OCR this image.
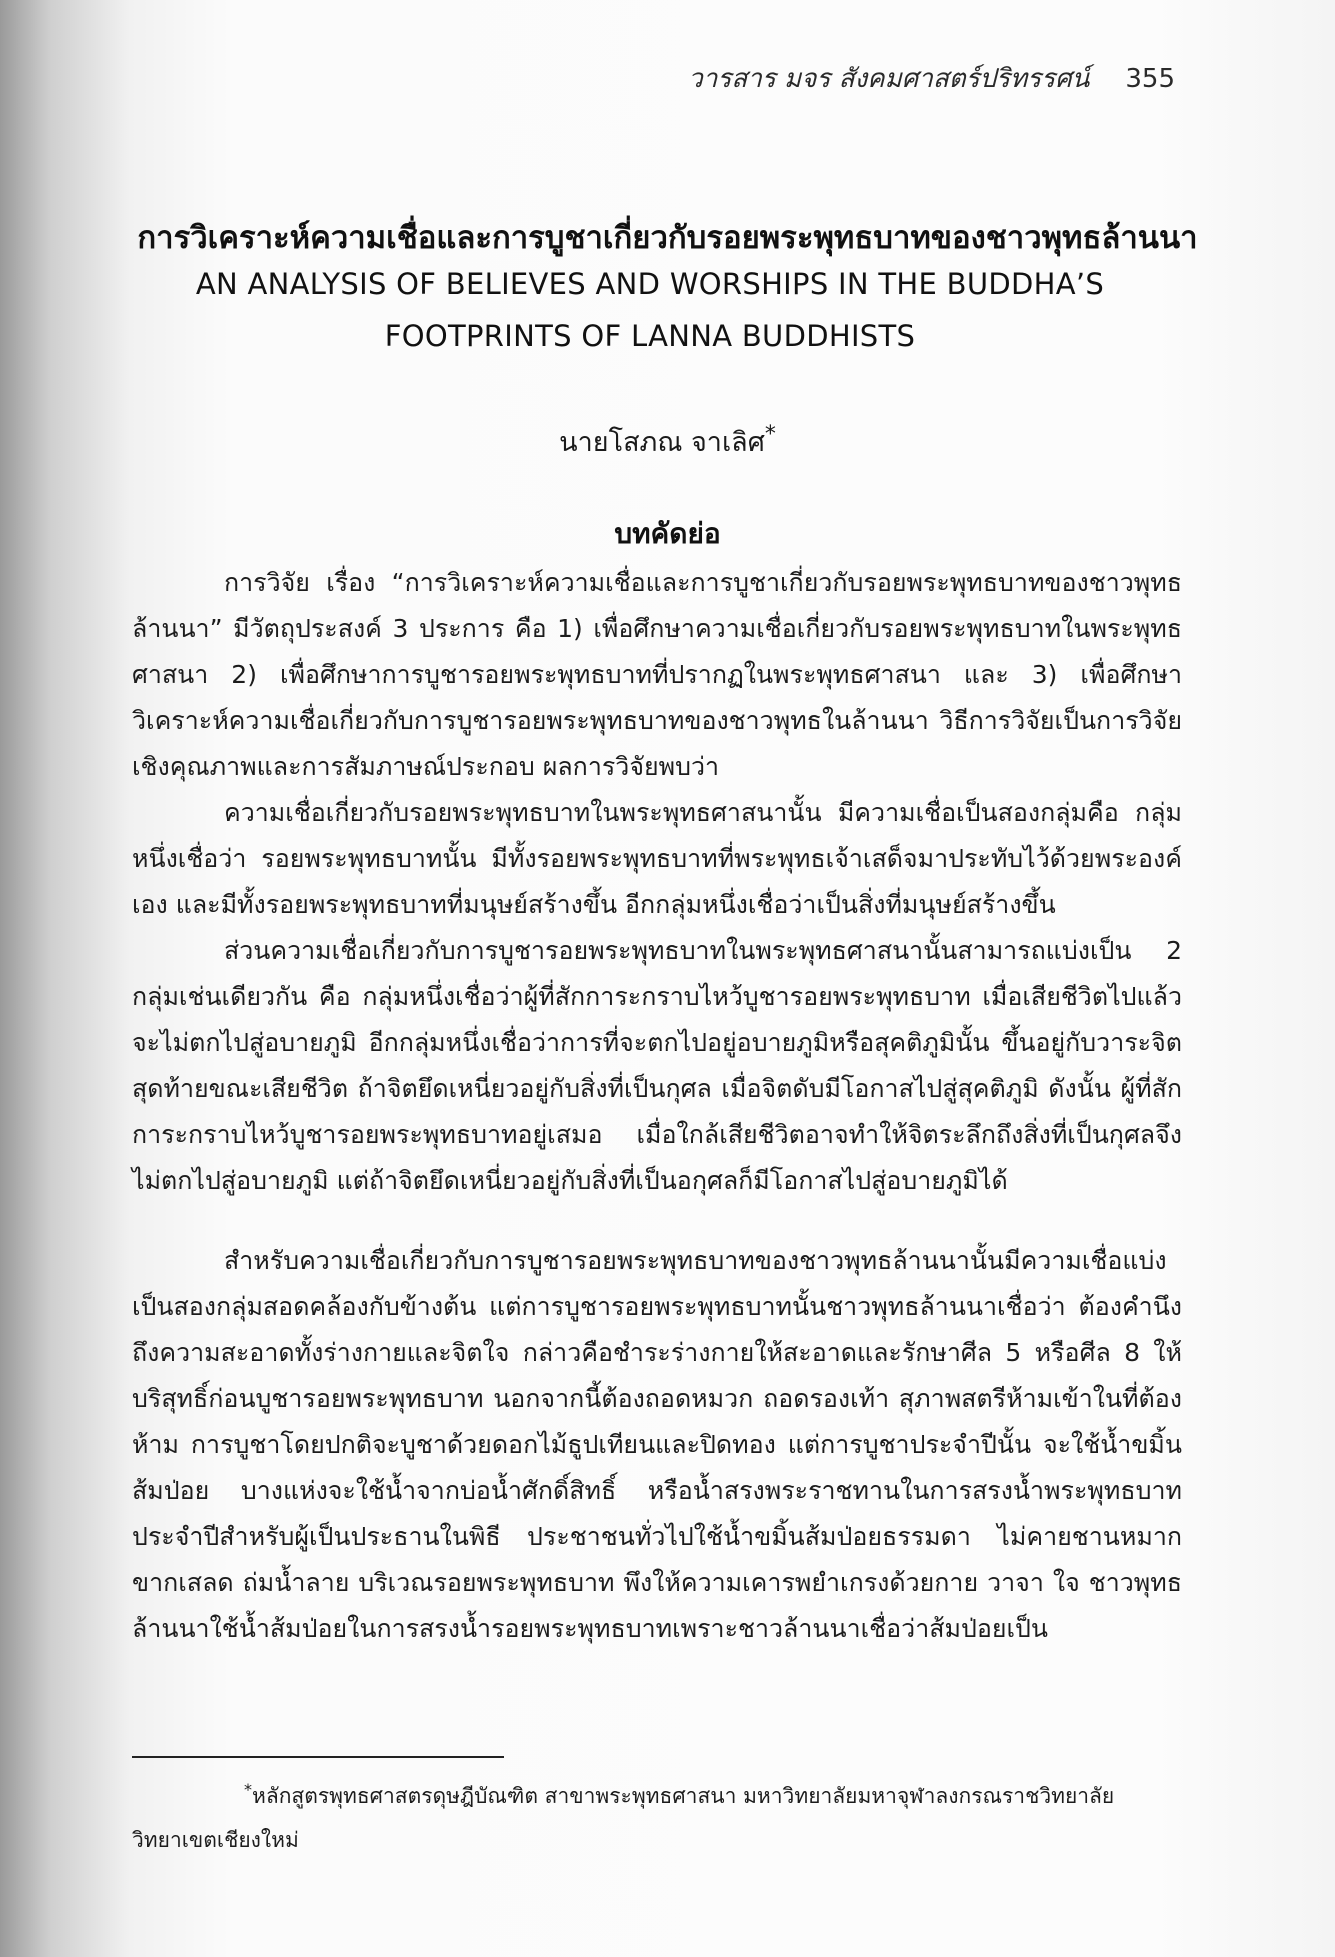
วารสาร มจร สังคมศาสตร์ปริทรรศน์ 355
การวิเคราะห์ความเชื่อและการบูชาเกี่ยวกับรอยพระพุทธบาทของชาวพุทธล้านนา
AN ANALYSIS OF BELIEVES AND WORSHIPS IN THE BUDDHA’S FOOTPRINTS OF LANNA BUDDHISTS
นายโสภณ จาเลิศ*
บทคัดย่อ

การวิจัย เรื่อง “การวิเคราะห์ความเชื่อและการบูชาเกี่ยวกับรอยพระพุทธบาทของชาวพุทธล้านนา” มีวัตถุประสงค์ 3 ประการ คือ 1) เพื่อศึกษาความเชื่อเกี่ยวกับรอยพระพุทธบาทในพระพุทธศาสนา 2) เพื่อศึกษาการบูชารอยพระพุทธบาทที่ปรากฏในพระพุทธศาสนา และ 3) เพื่อศึกษาวิเคราะห์ความเชื่อเกี่ยวกับการบูชารอยพระพุทธบาทของชาวพุทธในล้านนา วิธีการวิจัยเป็นการวิจัยเชิงคุณภาพและการสัมภาษณ์ประกอบ ผลการวิจัยพบว่า

ความเชื่อเกี่ยวกับรอยพระพุทธบาทในพระพุทธศาสนานั้น มีความเชื่อเป็นสองกลุ่มคือ กลุ่มหนึ่งเชื่อว่า รอยพระพุทธบาทนั้น มีทั้งรอยพระพุทธบาทที่พระพุทธเจ้าเสด็จมาประทับไว้ด้วยพระองค์เอง และมีทั้งรอยพระพุทธบาทที่มนุษย์สร้างขึ้น อีกกลุ่มหนึ่งเชื่อว่าเป็นสิ่งที่มนุษย์สร้างขึ้น

ส่วนความเชื่อเกี่ยวกับการบูชารอยพระพุทธบาทในพระพุทธศาสนานั้นสามารถแบ่งเป็น 2 กลุ่มเช่นเดียวกัน คือ กลุ่มหนึ่งเชื่อว่าผู้ที่สักการะกราบไหว้บูชารอยพระพุทธบาท เมื่อเสียชีวิตไปแล้ว จะไม่ตกไปสู่อบายภูมิ อีกกลุ่มหนึ่งเชื่อว่าการที่จะตกไปอยู่อบายภูมิหรือสุคติภูมินั้น ขึ้นอยู่กับวาระจิตสุดท้ายขณะเสียชีวิต ถ้าจิตยึดเหนี่ยวอยู่กับสิ่งที่เป็นกุศล เมื่อจิตดับมีโอกาสไปสู่สุคติภูมิ ดังนั้น ผู้ที่สักการะกราบไหว้บูชารอยพระพุทธบาทอยู่เสมอ เมื่อใกล้เสียชีวิตอาจทำให้จิตระลึกถึงสิ่งที่เป็นกุศลจึงไม่ตกไปสู่อบายภูมิ แต่ถ้าจิตยึดเหนี่ยวอยู่กับสิ่งที่เป็นอกุศลก็มีโอกาสไปสู่อบายภูมิได้

สำหรับความเชื่อเกี่ยวกับการบูชารอยพระพุทธบาทของชาวพุทธล้านนานั้นมีความเชื่อแบ่งเป็นสองกลุ่มสอดคล้องกับข้างต้น แต่การบูชารอยพระพุทธบาทนั้นชาวพุทธล้านนาเชื่อว่า ต้องคำนึงถึงความสะอาดทั้งร่างกายและจิตใจ กล่าวคือชำระร่างกายให้สะอาดและรักษาศีล 5 หรือศีล 8 ให้บริสุทธิ์ก่อนบูชารอยพระพุทธบาท นอกจากนี้ต้องถอดหมวก ถอดรองเท้า สุภาพสตรีห้ามเข้าในที่ต้องห้าม การบูชาโดยปกติจะบูชาด้วยดอกไม้ธูปเทียนและปิดทอง แต่การบูชาประจำปีนั้น จะใช้น้ำขมิ้นส้มป่อย บางแห่งจะใช้น้ำจากบ่อน้ำศักดิ์สิทธิ์ หรือน้ำสรงพระราชทานในการสรงน้ำพระพุทธบาทประจำปีสำหรับผู้เป็นประธานในพิธี ประชาชนทั่วไปใช้น้ำขมิ้นส้มป่อยธรรมดา ไม่คายชานหมาก ขากเสลด ถ่มน้ำลาย บริเวณรอยพระพุทธบาท พึงให้ความเคารพยำเกรงด้วยกาย วาจา ใจ ชาวพุทธล้านนาใช้น้ำส้มป่อยในการสรงน้ำรอยพระพุทธบาทเพราะชาวล้านนาเชื่อว่าส้มป่อยเป็น

*หลักสูตรพุทธศาสตรดุษฎีบัณฑิต สาขาพระพุทธศาสนา มหาวิทยาลัยมหาจุฬาลงกรณราชวิทยาลัย วิทยาเขตเชียงใหม่
